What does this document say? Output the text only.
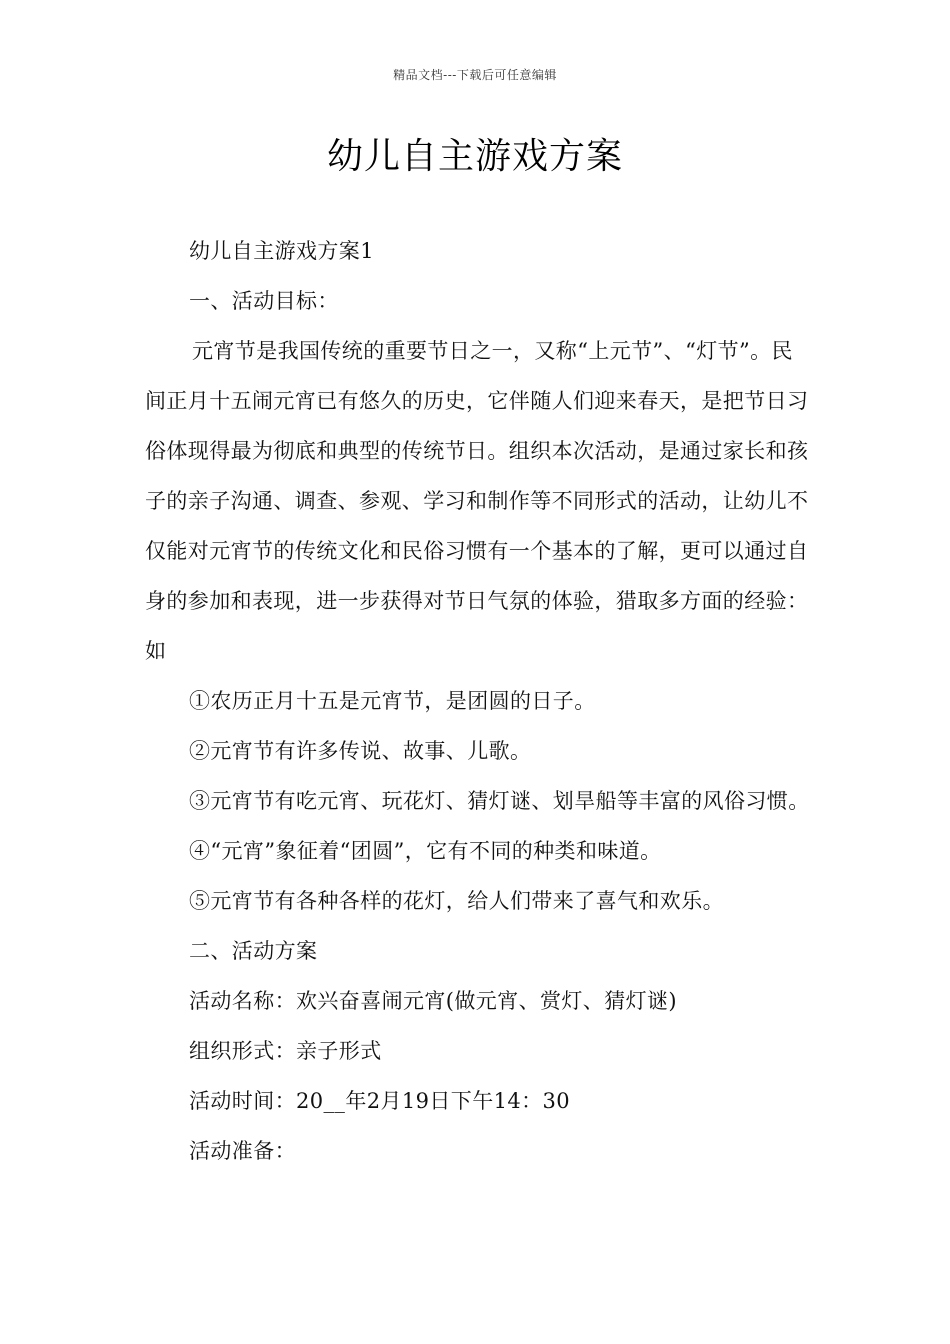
精品文档---下载后可任意编辑
幼儿自主游戏方案

幼儿自主游戏方案1

一、活动目标：

元宵节是我国传统的重要节日之一，又称“上元节”、“灯节”。民间正月十五闹元宵已有悠久的历史，它伴随人们迎来春天，是把节日习俗体现得最为彻底和典型的传统节日。组织本次活动，是通过家长和孩子的亲子沟通、调查、参观、学习和制作等不同形式的活动，让幼儿不仅能对元宵节的传统文化和民俗习惯有一个基本的了解，更可以通过自身的参加和表现，进一步获得对节日气氛的体验，猎取多方面的经验：如

①农历正月十五是元宵节，是团圆的日子。

②元宵节有许多传说、故事、儿歌。

③元宵节有吃元宵、玩花灯、猜灯谜、划旱船等丰富的风俗习惯。

④“元宵”象征着“团圆”，它有不同的种类和味道。

⑤元宵节有各种各样的花灯，给人们带来了喜气和欢乐。

二、活动方案

活动名称：欢兴奋喜闹元宵(做元宵、赏灯、猜灯谜)

组织形式：亲子形式

活动时间：20__年2月19日下午14：30

活动准备：
